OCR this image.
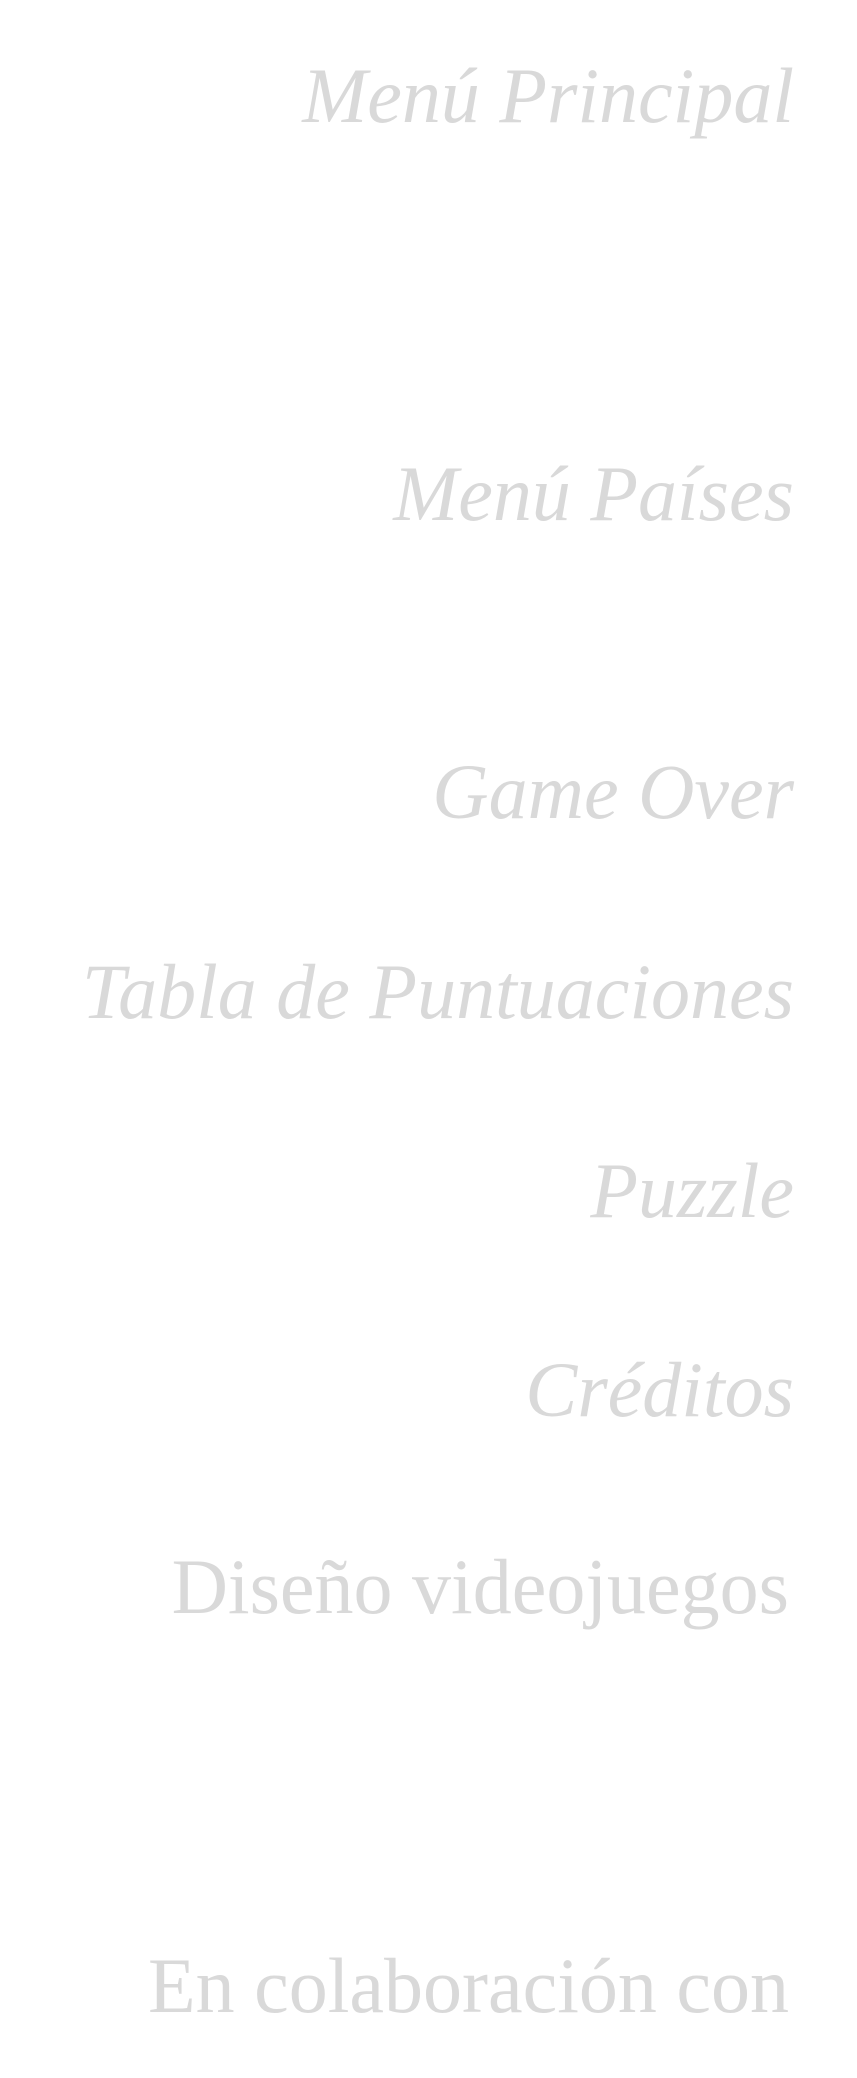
Menú Principal
Menú Países
Game Over
Tabla de Puntuaciones
Puzzle
Créditos
Diseño videojuegos
En colaboración con
